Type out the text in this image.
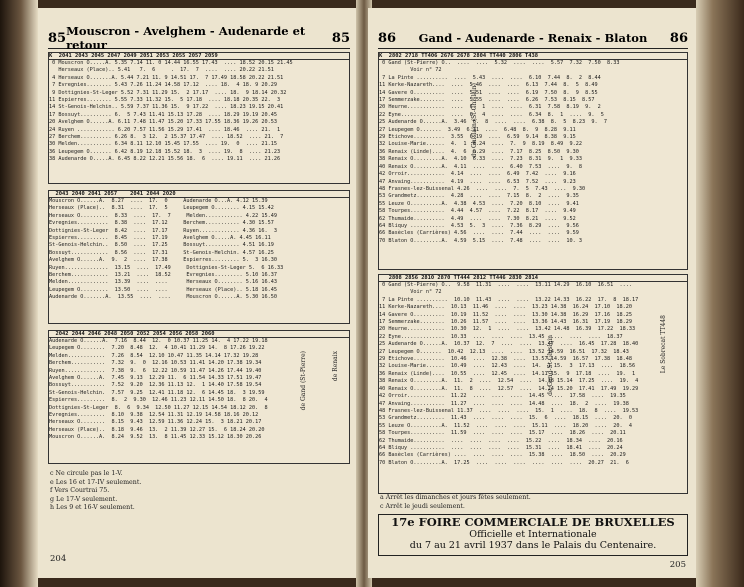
85 Mouscron - Avelghem - Audenarde et retour	85
K  2041 2043 2045 2047 2049 2051 2053 2055 2057 2059
0 Mouscron O.....A. 5.35 7.14 11. 0 14.44 16.55 17.43  .... 18.52 20.15 21.45
Herseaux (Place).. 5.41   7.  6     .  17.  7  ....  .... 20.22 21.51
4 Herseaux O.......A. 5.44 7.21 11. 9 14.51 17.  7 17.49 18.58 20.22 21.51
7 Evregnies........ 5.43 7.26 11.24 14.58 17.12  .... 18.  4 18. 9 20.29
9 Dottignies-St-Leger 5.52 7.31 11.29 15.  2 17.17  .... 18.  9 18.14 20.32
11 Espierres........ 5.55 7.33 11.32 15.  5 17.18  .... 18.18 20.35 22.  3
14 St-Genois-Helchin.. 5.59 7.37 11.36 15.  9 17.22  .... 18.23 19.15 20.41
17 Bossuyt.......... 6.  5 7.43 11.41 15.13 17.28  .... 18.29 19.19 20.45
20 Avelghem O......A. 6.11 7.48 11.47 15.20 17.33 17.55 18.36 19.26 20.53
24 Ruyen ............ 6.20 7.57 11.56 15.29 17.41  .... 18.46  .... 21.  1
27 Berchem.......... 6.26 8.  3 12.  2 15.37 17.47  .... 18.52  .... 21.  7
30 Melden........... 6.34 8.11 12.10 15.45 17.55  .... 19.  0  .... 21.15
36 Leupegem O....... 6.42 8.19 12.18 15.52 18.  3  .... 19.  8  .... 21.23
38 Audenarde O.....A. 6.45 8.22 12.21 15.56 18.  6  .... 19.11  .... 21.26
2043 2040 2041 2057    2041 2044 2020
Mouscron O......A.  8.27  ....  17.  0     Audenarde O...A. 4.12 15.39
Herseaux (Place)..  8.31  ....  17.  5     Leupegem O........ 4.15 15.42
Herseaux O.........  8.33  ....  17.  7     Melden............ 4.22 15.49
Evregnies..........  8.38  ....  17.12     Berchem........... 4.30 15.57
Dottignies-St-Leger  8.42  ....  17.17     Ruyen............. 4.36 16.  3
Espierres..........  8.45  ....  17.19     Avelghem O.....A. 4.45 16.11
St-Genois-Helchin..  8.50  ....  17.25     Bossuyt........... 4.51 16.19
Bossuyt............  8.56  ....  17.31     St-Genois-Helchin. 4.57 16.25
Avelghem O......A.  9.  2  ....  17.38     Espierres......... 5.  3 16.30
Ruyen..............  13.15  ....  17.49     Dottignies-St-Leger 5.  6 16.33
Berchem............  13.21  ....  18.52     Evregnies......... 5.10 16.37
Melden.............  13.39  ....  ....      Herseaux O........ 5.16 16.43
Leupegem O.........  13.50  ....  ....      Herseaux (Place).. 5.18 16.45
Audenarde O.......A.  13.55  ....  ....     Mouscron O......A. 5.30 16.50
2042 2044 2046 2048 2050 2052 2054 2056 2058 2060
Audenarde O......A.  7.16  8.44  12.  0 10.37 11.25 14.  4 17.22 19.18
Leupegem O........  7.20  8.48  12.  4 10.41 11.29 14.  8 17.26 19.22
Melden............  7.26  8.54  12.10 10.47 11.35 14.14 17.32 19.28
Berchem...........  7.32  9.  0  12.16 10.53 11.41 14.20 17.38 19.34
Ruyen.............  7.38  9.  6  12.22 10.59 11.47 14.26 17.44 19.40
Avelghem O......A.  7.45  9.13  12.29 11.  6 11.54 14.33 17.51 19.47
Bossuyt...........  7.52  9.20  12.36 11.13 12.  1 14.40 17.58 19.54
St-Genois-Helchin.  7.57  9.25  12.41 11.18 12.  6 14.45 18.  3 19.59
Espierres.........  8.  2  9.30  12.46 11.23 12.11 14.50 18.  8 20.  4
Dottignies-St-Leger  8.  6  9.34  12.50 11.27 12.15 14.54 18.12 20.  8
Evregnies.........  8.10  9.38  12.54 11.31 12.19 14.58 18.16 20.12
Herseaux O........  8.15  9.43  12.59 11.36 12.24 15.  3 18.21 20.17
Herseaux (Place)..  8.18  9.46  13.  2 11.39 12.27 15.  6 18.24 20.20
Mouscron O......A.  8.24  9.52  13.  8 11.45 12.33 15.12 18.30 20.26
de Gand (St-Pierre)	de Renaix
c Ne circule pas le 1-V.
e Les 16 et 17-IV seulement.
f Vers Courtrai 75.
g Le 17-V seulement.
h Les 9 et 16-V seulement.
204
86 Gand - Audenarde - Renaix - Blaton 86
K  2802 2718 TT406 2676 2678 2804 TT440 2806 T438
0 Gand (St-Pierre) O..  ....  ....  5.32  ....  ....  5.57  7.32  7.50  8.33
Voir n° 72
7 La Pinte ..........  ....  5.43  ....  ....  6.10  7.44  8.  2  8.44
11 Kerke-Nazareth....  ....  5.46  ....  ....  6.13  7.44  8.  5  8.49
14 Gavere O..........  ....  5.51  ....  ....  6.19  7.50  8.  9  8.55
17 Semmerzake........  ....  5.55  ....  ....  6.26  7.53  8.15  8.57
20 Heurne............  ....  6.  1  ....  ....  6.31  7.58  8.19  9.  2
22 Eyne..............  ....  6.  4  ....  ....  6.34  8.  1  ....  9.  5
25 Audenarde O......A.  3.46  6.  8  ....  ....  6.38  8.  5  8.23  9.  7
27 Leupegem O.......  3.49  6.11  ....  6.48  8.  9  8.28  9.11
29 Etichove..........  3.55  6.19  ....  6.59  9.14  8.38  9.15
32 Louise-Marie......  4.  1  6.24  ....  7.  9  8.19  8.49  9.22
36 Renaix (Linde)....  4.  6  6.29  ....  7.17  8.25  8.50  9.30
38 Renaix O.........A.  4.10  6.33  ....  7.23  8.31  9.  1  9.33
40 Renaix O.........A.  4.11  ....  ....  6.40  7.53  ....  9.  8
42 Orroir............  4.14  ....  ....  6.49  7.42  ....  9.16
47 Anvaing...........  4.19  ....  ....  6.53  7.52  ....  9.23
48 Frasnes-lez-Buissenal 4.26  ....  ....  7.  5  7.43  ....  9.30
53 Grandmetz.........  4.28  ....  ....  7.15  8.  2  ....  9.35
55 Leuze O..........A.  4.38  4.53  ....  7.20  8.10  ....  9.41
58 Tourpes...........  4.44  4.57  ....  7.22  8.17  ....  9.49
62 Thumaide..........  4.49  ....  ....  7.30  8.21  ....  9.52
64 Bliquy ...........  4.53  5.  3  ....  7.36  8.29  ....  9.56
66 Basècles (Carrières) 4.56  ....  ....  7.44  ....  ....  9.59
70 Blaton O.........A.  4.59  5.15  ....  7.48  ....  ....  10. 3
du Ghislain (St-Ghislain)
2808 2856 2810 2870 TT444 2812 TT446 2830 2814
0 Gand (St-Pierre) O..  9.58  11.31  ....  ....  13.11 14.29  16.10  16.51  ....
Voir n° 72
7 La Pinte ..........  10.10  11.43  ....  ....  13.22 14.33  16.22  17.  8  18.17
11 Kerke-Nazareth....  10.13  11.46  ....  ....  13.23 14.38  16.24  17.10  18.20
14 Gavere O..........  10.19  11.52  ....  ....  13.30 14.38  16.29  17.16  18.25
17 Semmerzake........  10.26  11.57  ....  ....  13.36 14.43  16.31  17.19  18.29
20 Heurne............  10.30  12.  1  ....  ....  13.42 14.48  16.39  17.22  18.33
22 Eyne..............  10.33  ....  ....  ....  13.45  ....  ....  ....  18.37
25 Audenarde O......A.  10.37  12.  7  ....  ....  13.47  ....  16.45  17.28  18.40
27 Leupegem O.......  10.42  12.13  ....  ....  13.52 14.59  16.51  17.32  18.43
29 Etichove..........  10.46  ....  12.38  ....  13.57 14.59  16.57  17.38  18.48
32 Louise-Marie......  10.49  ....  12.43  ....  14.  1 15.  3  17.13  ....  18.56
36 Renaix (Linde)....  10.55  ....  12.45  ....  14.11 15.  9  17.18  ....  19.  1
38 Renaix O.........A.  11.  2  ....  12.54  ....  14.18 15.14  17.25  ....  19.  4
40 Renaix O.........A.  11.  8  ....  12.57  ....  14.24 15.20  17.41  17.49  19.29
42 Orroir............  11.22  ....  ....  ....  14.45  ....  17.58  ....  19.35
47 Anvaing...........  11.27  ....  ....  ....  14.48  ....  18.  2  ....  19.38
48 Frasnes-lez-Buissenal 11.37  ....  ....  ....  15.  1  ....  18.  8  ....  19.53
53 Grandmetz.........  11.43  ....  ....  ....  15.  6  ....  18.15  ....  20.  0
55 Leuze O..........A.  11.52  ....  ....  ....  15.11  ....  18.20  ....  20.  4
58 Tourpes...........  11.59  ....  ....  ....  15.17  ....  18.26  ....  20.11
62 Thumaide..........  ....  ....  ....  ....  15.22  ....  18.34  ....  20.16
64 Bliquy ...........  ....  ....  ....  ....  15.31  ....  18.41  ....  20.24
66 Basècles (Carrières) ....  ....  ....  ....  15.38  ....  18.50  ....  20.29
70 Blaton O.........A.  17.25  ....  ....  ....  ....  ....  ....  20.27  21.  6
de Gand-St-Ghislain	Le Sobrecat TT448
a Arrêt les dimanches et jours fêtes seulement.
c Arrêt le jeudi seulement.
17e FOIRE COMMERCIALE DE BRUXELLES
Officielle et Internationale
du 7 au 21 avril 1937 dans le Palais du Centenaire.
205
